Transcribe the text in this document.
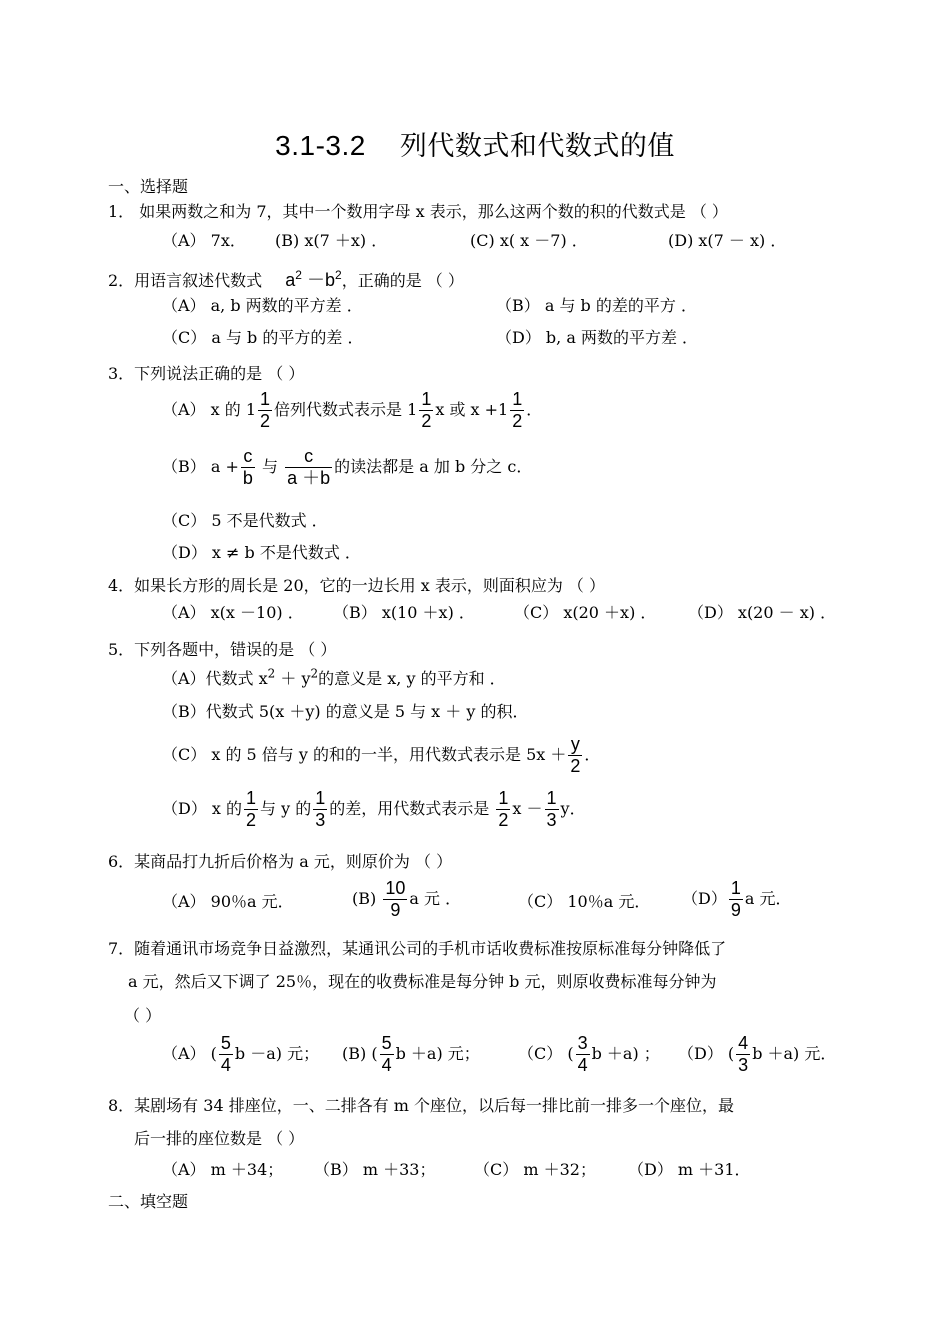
3.1-3.2 列代数式和代数式的值
一、选择题
1． 如果两数之和为 7，其中一个数用字母 x 表示，那么这两个数的积的代数式是 （ ）
（A） 7x． (B) x(7 ＋x) ．	(C) x( x －7) ．	(D) x(7 － x) ．
2．用语言叙述代数式 $a^2 -b^2$，正确的是 （ ）
（A） a, b 两数的平方差 ．	（B） a 与 b 的差的平方 ．
（C） a 与 b 的平方的差 ．	（D） b, a 两数的平方差 ．
3．下列说法正确的是 （ ）
（A） x 的 $1 \frac{1}{2}$ 倍列代数式表示是 $1 \frac{1}{2}$ x 或 $x +1 \frac{1}{2}$ ．
（B） $a + \frac{c}{b}$ 与 $\frac{c}{a +b}$ 的读法都是 a 加 b 分之 c．
（C） 5 不是代数式 ．
（D） x ≠ b 不是代数式 ．
4．如果长方形的周长是 20，它的一边长用 x 表示，则面积应为 （ ）
（A） x(x －10) ． （B） x(10 ＋x) ． （C） x(20 ＋x) ． （D） x(20 － x) ．
5．下列各题中，错误的是 （ ）
（A）代数式 $x^2 + y^2$的意义是 x, y 的平方和 ．
（B）代数式 5(x ＋y) 的意义是 5 与 x ＋ y 的积．
（C） x 的 5 倍与 y 的和的一半，用代数式表示是 $5x + \frac{y}{2}$ ．
（D） x 的 $\frac{1}{2}$ 与 y 的 $\frac{1}{3}$ 的差，用代数式表示是 $\frac{1}{2}$ $x - \frac{1}{3}$ y．
6．某商品打九折后价格为 a 元，则原价为 （ ）
（A） 90％a 元．	$(B) \frac{10}{9}$ a 元 ．	（C） 10％a 元． $(D) \frac{1}{9}$ a 元．
7．随着通讯市场竞争日益激烈，某通讯公司的手机市话收费标准按原标准每分钟降低了
a 元，然后又下调了 25％，现在的收费标准是每分钟 b 元，则原收费标准每分钟为
（ ）
（A） ( $\frac{5}{4}$ b －a) 元； (B) ( $\frac{5}{4}$ b ＋a) 元； （C） ( $\frac{3}{4}$ b ＋a) ； （D） ( $\frac{4}{3}$ b ＋a) 元．
8．某剧场有 34 排座位，一、二排各有 m 个座位，以后每一排比前一排多一个座位，最
后一排的座位数是 （ ）
（A） m ＋34； （B） m ＋33； （C） m ＋32； （D） m ＋31．
二、填空题
